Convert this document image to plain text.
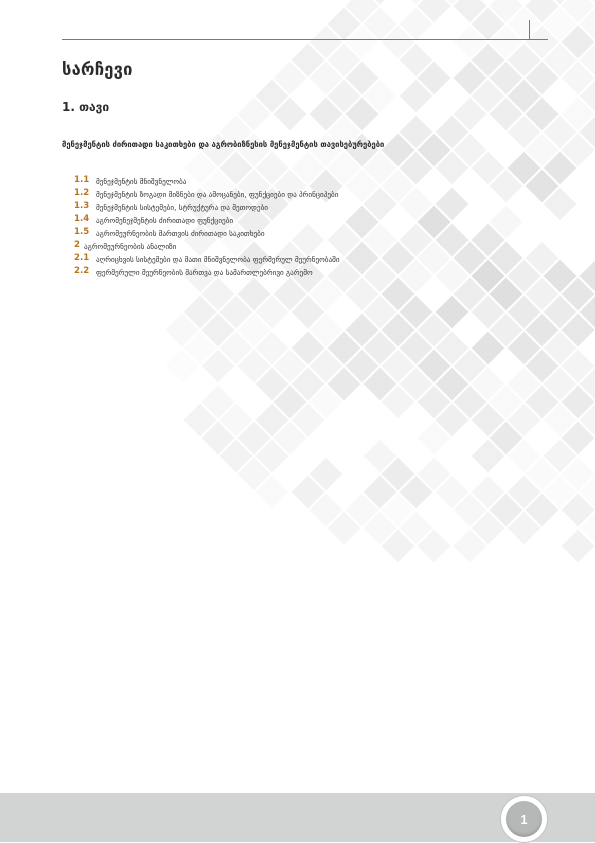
სარჩევი
1. თავი
მენეჯმენტის ძირითადი საკითხები და აგრობიზნესის მენეჯმენტის თავისებურებები
1.1 მენეჯმენტის მნიშვნელობა
1.2 მენეჯმენტის ზოგადი მიზნები და ამოცანები, ფუნქციები და პრინციპები
1.3 მენეჯმენტის სისტემები, სტრუქტურა და მეთოდები
1.4 აგრომენეჯმენტის ძირითადი ფუნქციები
1.5 აგრომეურნეობის მართვის ძირითადი საკითხები
2 აგრომეურნეობის ანალიზი
2.1 აღრიცხვის სისტემები და მათი მნიშვნელობა ფერმერულ მეურნეობაში
2.2 ფერმერული მეურნეობის მართვა და სამართლებრივი გარემო
1
